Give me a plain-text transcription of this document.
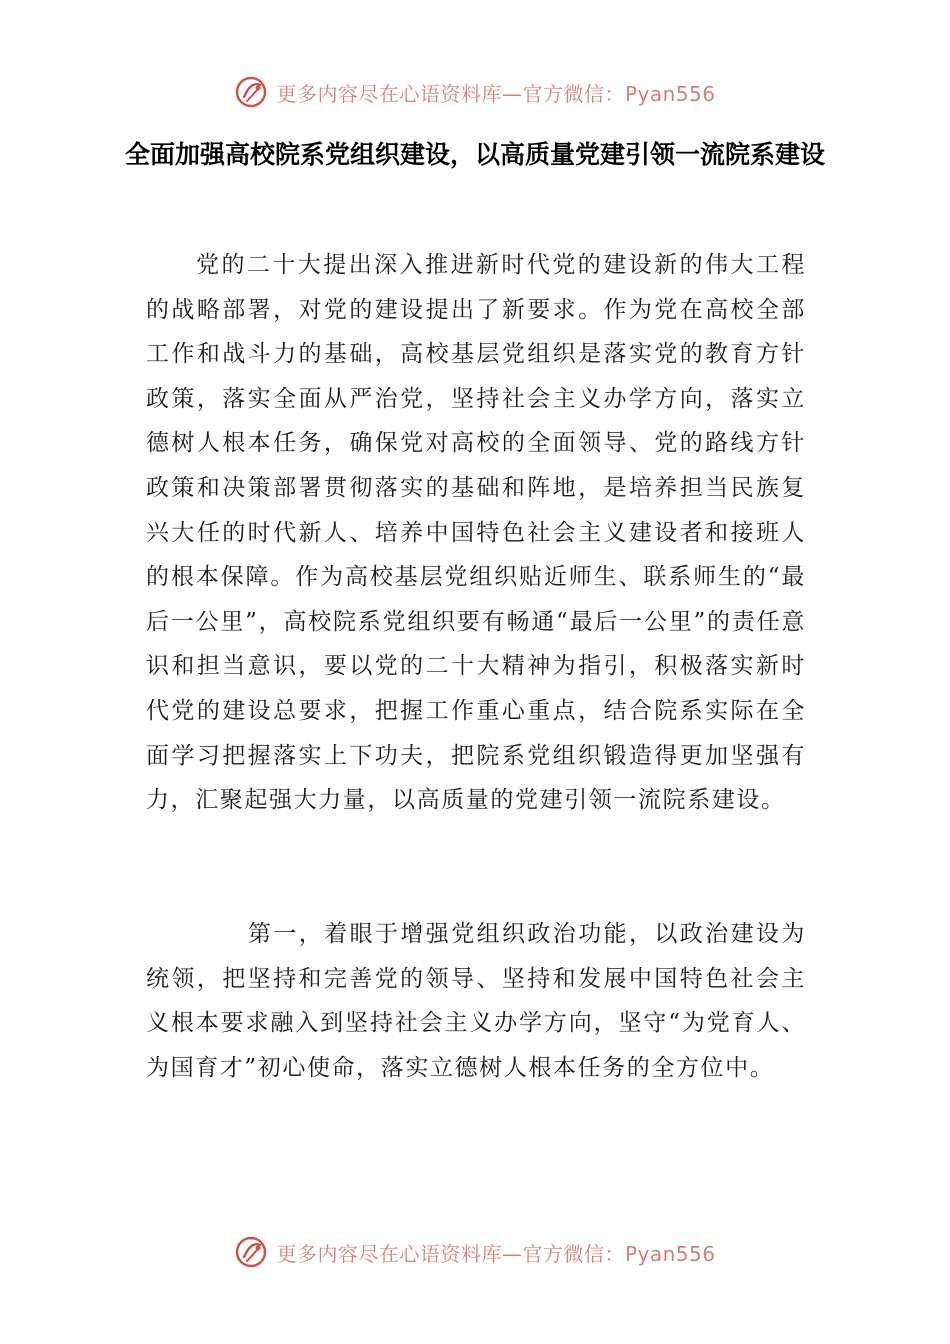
更多内容尽在心语资料库—官方微信：Pyan556
全面加强高校院系党组织建设，以高质量党建引领一流院系建设

党的二十大提出深入推进新时代党的建设新的伟大工程的战略部署，对党的建设提出了新要求。作为党在高校全部工作和战斗力的基础，高校基层党组织是落实党的教育方针政策，落实全面从严治党，坚持社会主义办学方向，落实立德树人根本任务，确保党对高校的全面领导、党的路线方针政策和决策部署贯彻落实的基础和阵地，是培养担当民族复兴大任的时代新人、培养中国特色社会主义建设者和接班人的根本保障。作为高校基层党组织贴近师生、联系师生的“最后一公里”，高校院系党组织要有畅通“最后一公里”的责任意识和担当意识，要以党的二十大精神为指引，积极落实新时代党的建设总要求，把握工作重心重点，结合院系实际在全面学习把握落实上下功夫，把院系党组织锻造得更加坚强有力，汇聚起强大力量，以高质量的党建引领一流院系建设。

第一，着眼于增强党组织政治功能，以政治建设为统领，把坚持和完善党的领导、坚持和发展中国特色社会主义根本要求融入到坚持社会主义办学方向，坚守“为党育人、为国育才”初心使命，落实立德树人根本任务的全方位中。

更多内容尽在心语资料库—官方微信：Pyan556
